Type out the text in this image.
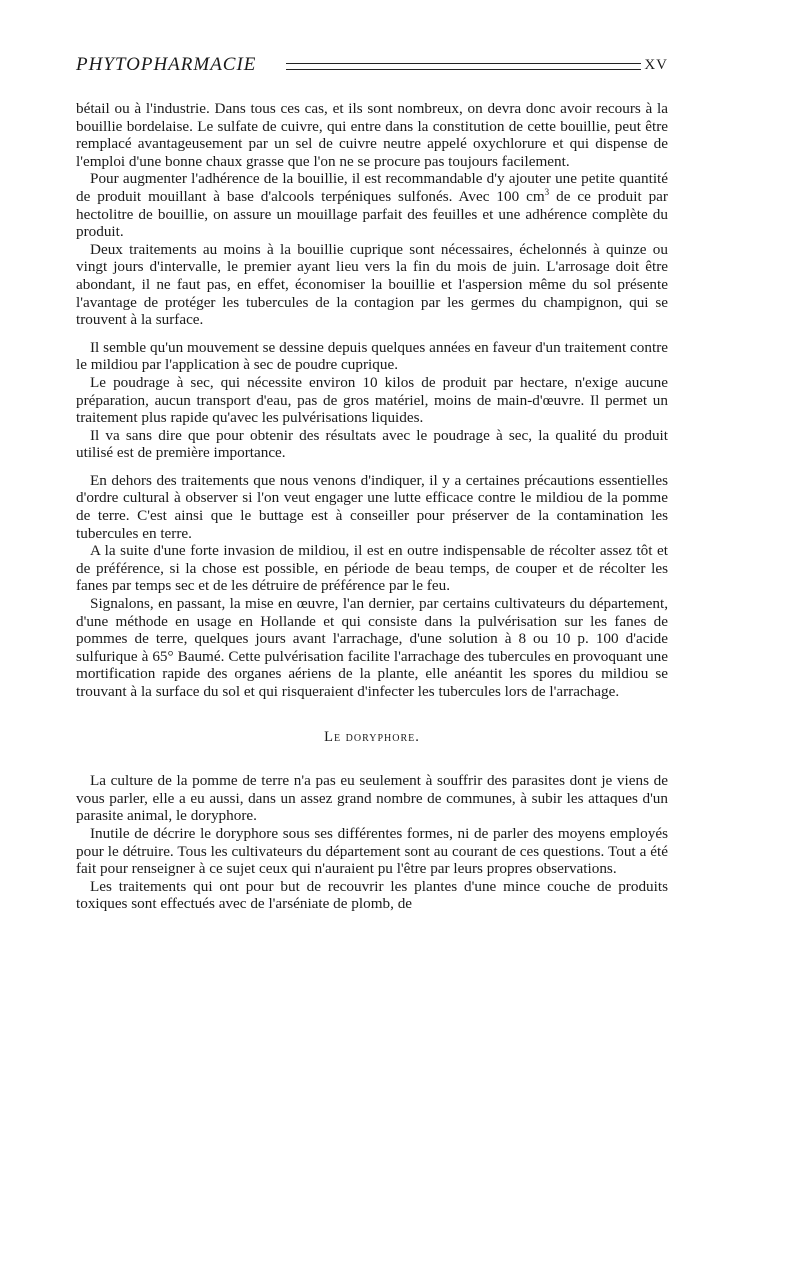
PHYTOPHARMACIE	XV

bétail ou à l'industrie. Dans tous ces cas, et ils sont nombreux, on devra donc avoir recours à la bouillie bordelaise. Le sulfate de cuivre, qui entre dans la constitution de cette bouillie, peut être remplacé avantageusement par un sel de cuivre neutre appelé oxychlorure et qui dispense de l'emploi d'une bonne chaux grasse que l'on ne se procure pas toujours facilement.

Pour augmenter l'adhérence de la bouillie, il est recommandable d'y ajouter une petite quantité de produit mouillant à base d'alcools terpéniques sulfonés. Avec 100 $cm^3$ de ce produit par hectolitre de bouillie, on assure un mouillage parfait des feuilles et une adhérence complète du produit.

Deux traitements au moins à la bouillie cuprique sont nécessaires, échelonnés à quinze ou vingt jours d'intervalle, le premier ayant lieu vers la fin du mois de juin. L'arrosage doit être abondant, il ne faut pas, en effet, économiser la bouillie et l'aspersion même du sol présente l'avantage de protéger les tubercules de la contagion par les germes du champignon, qui se trouvent à la surface.

Il semble qu'un mouvement se dessine depuis quelques années en faveur d'un traitement contre le mildiou par l'application à sec de poudre cuprique.

Le poudrage à sec, qui nécessite environ 10 kilos de produit par hectare, n'exige aucune préparation, aucun transport d'eau, pas de gros matériel, moins de main-d'œuvre. Il permet un traitement plus rapide qu'avec les pulvérisations liquides.

Il va sans dire que pour obtenir des résultats avec le poudrage à sec, la qualité du produit utilisé est de première importance.

En dehors des traitements que nous venons d'indiquer, il y a certaines précautions essentielles d'ordre cultural à observer si l'on veut engager une lutte efficace contre le mildiou de la pomme de terre. C'est ainsi que le buttage est à conseiller pour préserver de la contamination les tubercules en terre.

A la suite d'une forte invasion de mildiou, il est en outre indispensable de récolter assez tôt et de préférence, si la chose est possible, en période de beau temps, de couper et de récolter les fanes par temps sec et de les détruire de préférence par le feu.

Signalons, en passant, la mise en œuvre, l'an dernier, par certains cultivateurs du département, d'une méthode en usage en Hollande et qui consiste dans la pulvérisation sur les fanes de pommes de terre, quelques jours avant l'arrachage, d'une solution à 8 ou 10 p. 100 d'acide sulfurique à 65° Baumé. Cette pulvérisation facilite l'arrachage des tubercules en provoquant une mortification rapide des organes aériens de la plante, elle anéantit les spores du mildiou se trouvant à la surface du sol et qui risqueraient d'infecter les tubercules lors de l'arrachage.

Le doryphore.

La culture de la pomme de terre n'a pas eu seulement à souffrir des parasites dont je viens de vous parler, elle a eu aussi, dans un assez grand nombre de communes, à subir les attaques d'un parasite animal, le doryphore.

Inutile de décrire le doryphore sous ses différentes formes, ni de parler des moyens employés pour le détruire. Tous les cultivateurs du département sont au courant de ces questions. Tout a été fait pour renseigner à ce sujet ceux qui n'auraient pu l'être par leurs propres observations.

Les traitements qui ont pour but de recouvrir les plantes d'une mince couche de produits toxiques sont effectués avec de l'arséniate de plomb, de
